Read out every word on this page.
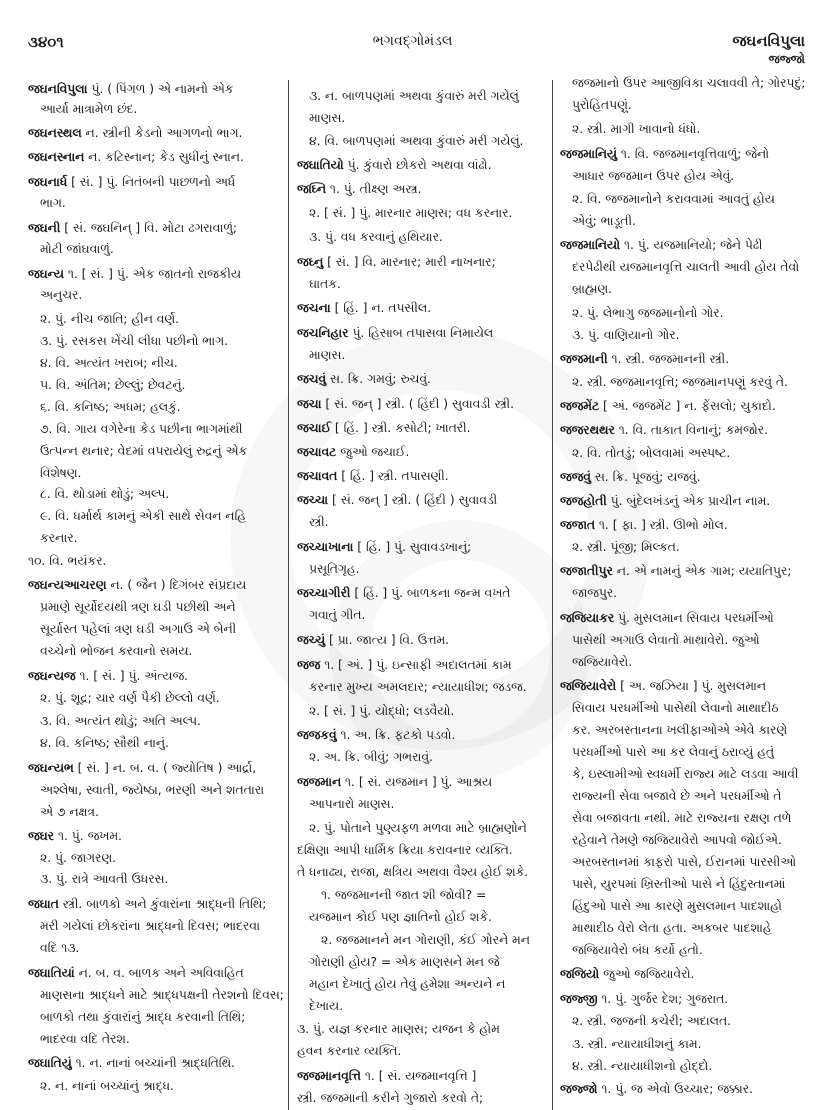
૩૪૦૧	ભગવદ્ગોમંડલ	જઘનવિપુલા
જજ્જો
જઘનવિપુલા પું. ( પિંગળ ) એ નામનો એક
આર્યા માત્રામેળ છંદ.
જઘનસ્થલ ન. સ્ત્રીની કેડનો આગળનો ભાગ.
જઘનસ્નાન ન. કટિસ્નાન; કેડ સુધીનું સ્નાન.
જઘનાર્ધ [ સં. ] પું. નિતંબની પાછળનો અર્ધ
ભાગ.
જઘની [ સં. જઘનિન્ ] વિ. મોટા ઢગરાવાળું;
મોટી જાંઘવાળું.
જઘન્ય ૧. [ સં. ] પું. એક જાતનો રાજકીય
અનુચર.
૨. પું. નીચ જાતિ; હીન વર્ણ.
૩. પું. રસકસ ખેંચી લીધા પછીનો ભાગ.
૪. વિ. અત્યંત ખરાબ; નીચ.
૫. વિ. અંતિમ; છેલ્લું; છેવટનું.
૬. વિ. કનિષ્ઠ; અધમ; હલકું.
૭. વિ. ગાય વગેરેના કેડ પછીના ભાગમાંથી
ઉત્પન્ન થનાર; વેદમાં વપરાયેલું રુદ્રનું એક
વિશેષણ.
૮. વિ. થોડામાં થોડું; અલ્પ.
૯. વિ. ધર્માર્થ કામનું એકી સાથે સેવન નહિ
કરનાર.
૧૦. વિ. ભયંકર.
જઘન્યઆચરણ ન. ( જૈન ) દિગંબર સંપ્રદાય
પ્રમાણે સૂર્યોદયથી ત્રણ ઘડી પછીથી અને
સૂર્યાસ્ત પહેલાં ત્રણ ઘડી અગાઉ એ બેની
વચ્ચેનો ભોજન કરવાનો સમય.
જઘન્યજ ૧. [ સં. ] પું. અંત્યજ.
૨. પું. શૂદ્ર; ચાર વર્ણ પૈકી છેલ્લો વર્ણ.
૩. વિ. અત્યંત થોડું; અતિ અલ્પ.
૪. વિ. કનિષ્ઠ; સૌથી નાનું.
જઘન્યભ [ સં. ] ન. બ. વ. ( જ્યોતિષ ) આર્દ્રા,
અશ્લેષા, સ્વાતી, જ્યેષ્ઠા, ભરણી અને શતતારા
એ ૭ નક્ષત્ર.
જઘર ૧. પું. જખમ.
૨. પું. જાગરણ.
૩. પું. રાત્રે આવતી ઉધરસ.
જઘાત સ્ત્રી. બાળકો અને કુંવારાંના શ્રાદ્ધની તિથિ;
મરી ગયેલાં છોકરાંના શ્રાદ્ધનો દિવસ; ભાદરવા
વદિ ૧૩.
જઘાતિયાં ન. બ. વ. બાળક અને અવિવાહિત
માણસના શ્રાદ્ધને માટે શ્રાદ્ધપક્ષની તેરશનો દિવસ;
બાળકો તથા કુંવારાંનું શ્રાદ્ધ કરવાની તિથિ;
ભાદરવા વદિ તેરશ.
જઘાતિયું ૧. ન. નાનાં બચ્ચાંની શ્રાદ્ધતિથિ.
૨. ન. નાનાં બચ્ચાંનું શ્રાદ્ધ.
૩. ન. બાળપણમાં અથવા કુંવારું મરી ગયેલું
માણસ.
૪. વિ. બાળપણમાં અથવા કુંવારું મરી ગયેલું.
જઘાતિયો પું. કુંવારો છોકરો અથવા વાંઢો.
જઘ્નિ ૧. પું. તીક્ષ્ણ અસ્ત્ર.
૨. [ સં. ] પું. મારનાર માણસ; વધ કરનાર.
૩. પું. વધ કરવાનું હથિયાર.
જઘ્નુ [ સં. ] વિ. મારનાર; મારી નાખનાર;
ઘાતક.
જચના [ હિં. ] ન. તપસીલ.
જચનિહાર પું. હિસાબ તપાસવા નિમાયેલ
માણસ.
જચવું સ. ક્રિ. ગમવું; રુચવું.
જચા [ સં. જન્ ] સ્ત્રી. ( હિંદી ) સુવાવડી સ્ત્રી.
જચાઈ [ હિં. ] સ્ત્રી. કસોટી; ખાતરી.
જચાવટ જુઓ જચાઈ.
જચાવત [ હિં. ] સ્ત્રી. તપાસણી.
જચ્ચા [ સં. જન્ ] સ્ત્રી. ( હિંદી ) સુવાવડી
સ્ત્રી.
જચ્ચાખાના [ હિં. ] પું. સુવાવડખાનું;
પ્રસૂતિગૃહ.
જચ્ચાગીરી [ હિં. ] પું. બાળકના જન્મ વખતે
ગવાતું ગીત.
જચ્ચું [ પ્રા. જાત્ય ] વિ. ઉત્તમ.
જજ ૧. [ અં. ] પું. ઇન્સાફી અદાલતમાં કામ
કરનાર મુખ્ય અમલદાર; ન્યાયાધીશ; જડજ.
૨. [ સં. ] પું. યોદ્ધો; લડવૈયો.
જજકવું ૧. અ. ક્રિ. ફટકો પડવો.
૨. અ. ક્રિ. બીવું; ગભરાવું.
જજમાન ૧. [ સં. યજમાન ] પું. આશ્રય
આપનારો માણસ.
૨. પું. પોતાને પુણ્યફળ મળવા માટે બ્રાહ્મણોને
દક્ષિણા આપી ધાર્મિક ક્રિયા કરાવનાર વ્યક્તિ.
તે ધનાઢ્ય, રાજા, ક્ષત્રિય અથવા વૈશ્ય હોઈ શકે.
૧. જજમાનની જાત શી જોવી? =
યજમાન કોઈ પણ જ્ઞાતિનો હોઈ શકે.
૨. જજમાનને મન ગોરાણી, કંઈ ગોરને મન
ગોરાણી હોય? = એક માણસને મન જે
મહાન દેખાતું હોય તેવું હમેશા અન્યને ન
દેખાય.
૩. પું. યજ્ઞ કરનાર માણસ; યજન કે હોમ
હવન કરનાર વ્યક્તિ.
જજમાનવૃત્તિ ૧. [ સં. યજમાનવૃત્તિ ]
સ્ત્રી. જજમાની કરીને ગુજારો કરવો તે;
જજમાનો ઉપર આજીવિકા ચલાવવી તે; ગોરપદું;
પુરોહિતપણું.
૨. સ્ત્રી. માગી ખાવાનો ધંધો.
જજમાનિયું ૧. વિ. જજમાનવૃત્તિવાળું; જેનો
આધાર જજમાન ઉપર હોય એવું.
૨. વિ. જજમાનોને કરાવવામાં આવતું હોય
એવું; ભાડૂતી.
જજમાનિયો ૧. પું. યજમાનિયો; જેને પેઢી
દરપેઢીથી યજમાનવૃત્તિ ચાલતી આવી હોય તેવો
બ્રાહ્મણ.
૨. પું. લેભાગુ જજમાનોનો ગોર.
૩. પું. વાણિયાનો ગોર.
જજમાની ૧. સ્ત્રી. જજમાનની સ્ત્રી.
૨. સ્ત્રી. જજમાનવૃત્તિ; જજમાનપણું કરવું તે.
જજમેંટ [ અં. જજમેંટ ] ન. ફેંસલો; ચુકાદો.
જજરથથર ૧. વિ. તાકાત વિનાનું; કમજોર.
૨. વિ. તોતડું; બોલવામાં અસ્પષ્ટ.
જજવું સ. ક્રિ. પૂજવું; યજવું.
જજહોતી પું. બુંદેલખંડનું એક પ્રાચીન નામ.
જજાત ૧. [ ફા. ] સ્ત્રી. ઊભો મોલ.
૨. સ્ત્રી. પૂંજી; મિલ્કત.
જજાતીપુર ન. એ નામનું એક ગામ; યયાતિપુર;
જાજપુર.
જજિયાકર પું. મુસલમાન સિવાય પરધર્મીઓ
પાસેથી અગાઉ લેવાતો માથાવેરો. જુઓ
જજિયાવેરો.
જજિયાવેરો [ અ. જઝિયા ] પું. મુસલમાન
સિવાય પરધર્મીઓ પાસેથી લેવાનો માથાદીઠ
કર. અરબસ્તાનના ખલીફાઓએ એવે કારણે
પરધર્મીઓ પાસે આ કર લેવાનું ઠરાવ્યું હતું
કે, ઇસ્લામીઓ સ્વધર્મી રાજ્ય માટે લડવા આવી
રાજ્યની સેવા બજાવે છે અને પરધર્મીઓ તે
સેવા બજાવતા નથી. માટે રાજ્યના રક્ષણ તળે
રહેવાને તેમણે જજિયાવેરો આપવો જોઈએ.
અરબસ્તાનમાં કાફરો પાસે, ઈરાનમાં પારસીઓ
પાસે, યુરપમાં ખ્રિસ્તીઓ પાસે ને હિંદુસ્તાનમાં
હિંદુઓ પાસે આ કારણે મુસલમાન પાદશાહો
માથાદીઠ વેરો લેતા હતા. અકબર પાદશાહે
જજિયાવેરો બંધ કર્યો હતો.
જજિયો જુઓ જજિયાવેરો.
જજ્જી ૧. પું. ગુર્જર દેશ; ગુજરાત.
૨. સ્ત્રી. જજની કચેરી; અદાલત.
૩. સ્ત્રી. ન્યાયાધીશનું કામ.
૪. સ્ત્રી. ન્યાયાધીશનો હોદ્દો.
જજ્જો ૧. પું. જ એવો ઉચ્ચાર; જક્કાર.
